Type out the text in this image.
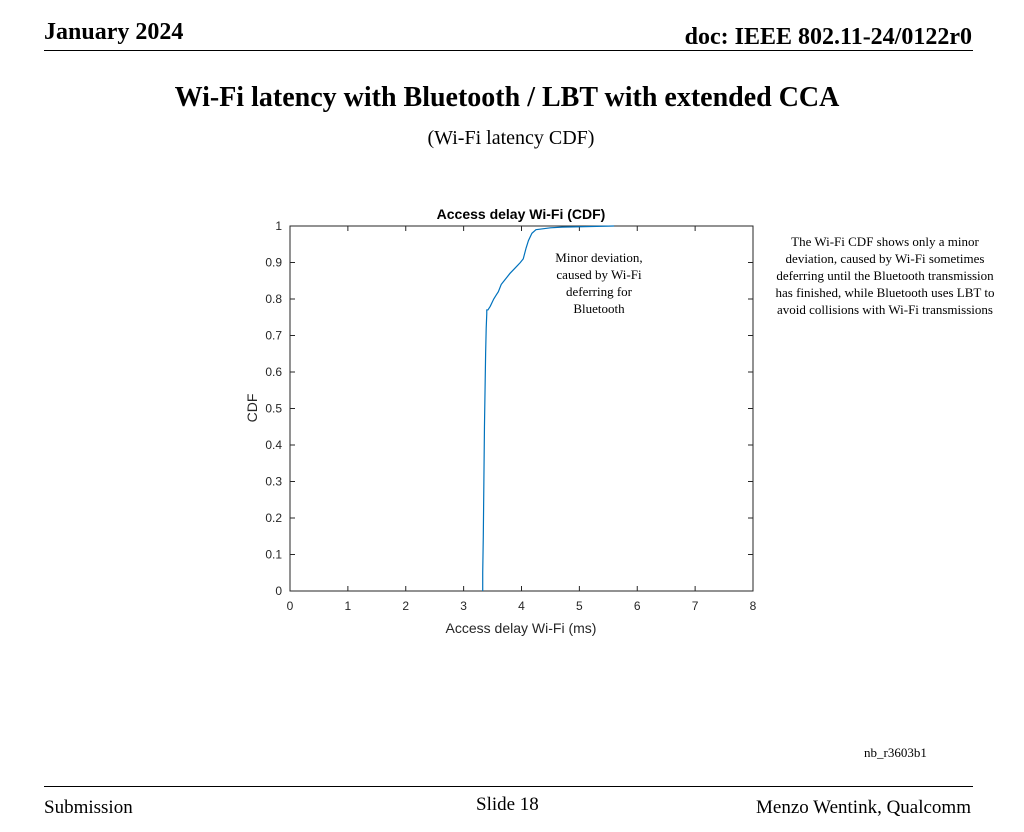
January 2024	doc: IEEE 802.11-24/0122r0
Wi-Fi latency with Bluetooth / LBT with extended CCA
(Wi-Fi latency CDF)
Access delay Wi-Fi (CDF)
0	1	2	3	4	5	6	7	8
0
0.1
0.2
0.3
0.4
0.5
0.6
0.7
0.8
0.9
1
Access delay Wi-Fi (ms)
CDF
Minor deviation, caused by Wi-Fi deferring for Bluetooth
The Wi-Fi CDF shows only a minor deviation, caused by Wi-Fi sometimes deferring until the Bluetooth transmission has finished, while Bluetooth uses LBT to avoid collisions with Wi-Fi transmissions
nb_r3603b1
Submission	Slide 18	Menzo Wentink, Qualcomm
